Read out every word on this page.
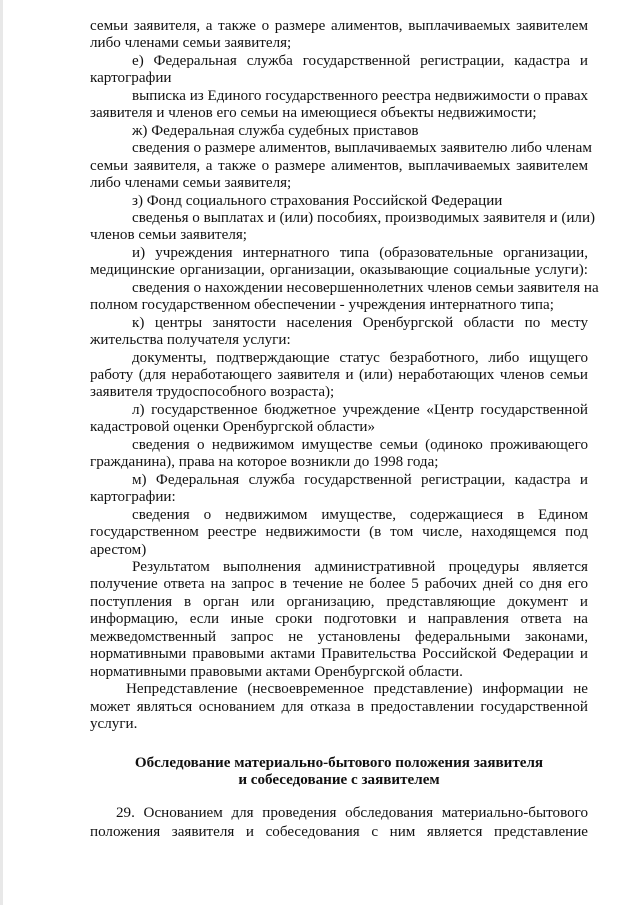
семьи заявителя, а также о размере алиментов, выплачиваемых заявителем
либо членами семьи заявителя;
е) Федеральная служба государственной регистрации, кадастра и
картографии
выписка из Единого государственного реестра недвижимости о правах
заявителя и членов его семьи на имеющиеся объекты недвижимости;
ж) Федеральная служба судебных приставов
сведения о размере алиментов, выплачиваемых заявителю либо членам
семьи заявителя, а также о размере алиментов, выплачиваемых заявителем
либо членами семьи заявителя;
з) Фонд социального страхования Российской Федерации
сведенья о выплатах и (или) пособиях, производимых заявителя и (или)
членов семьи заявителя;
и) учреждения интернатного типа (образовательные организации,
медицинские организации, организации, оказывающие социальные услуги):
сведения о нахождении несовершеннолетних членов семьи заявителя на
полном государственном обеспечении - учреждения интернатного типа;
к) центры занятости населения Оренбургской области по месту
жительства получателя услуги:
документы, подтверждающие статус безработного, либо ищущего
работу (для неработающего заявителя и (или) неработающих членов семьи
заявителя трудоспособного возраста);
л) государственное бюджетное учреждение «Центр государственной
кадастровой оценки Оренбургской области»
сведения о недвижимом имуществе семьи (одиноко проживающего
гражданина), права на которое возникли до 1998 года;
м) Федеральная служба государственной регистрации, кадастра и
картографии:
сведения о недвижимом имуществе, содержащиеся в Едином
государственном реестре недвижимости (в том числе, находящемся под
арестом)
Результатом выполнения административной процедуры является
получение ответа на запрос в течение не более 5 рабочих дней со дня его
поступления в орган или организацию, представляющие документ и
информацию, если иные сроки подготовки и направления ответа на
межведомственный запрос не установлены федеральными законами,
нормативными правовыми актами Правительства Российской Федерации и
нормативными правовыми актами Оренбургской области.
Непредставление (несвоевременное представление) информации не
может являться основанием для отказа в предоставлении государственной
услуги.
Обследование материально-бытового положения заявителя
и собеседование с заявителем
29. Основанием для проведения обследования материально-бытового
положения заявителя и собеседования с ним является представление
